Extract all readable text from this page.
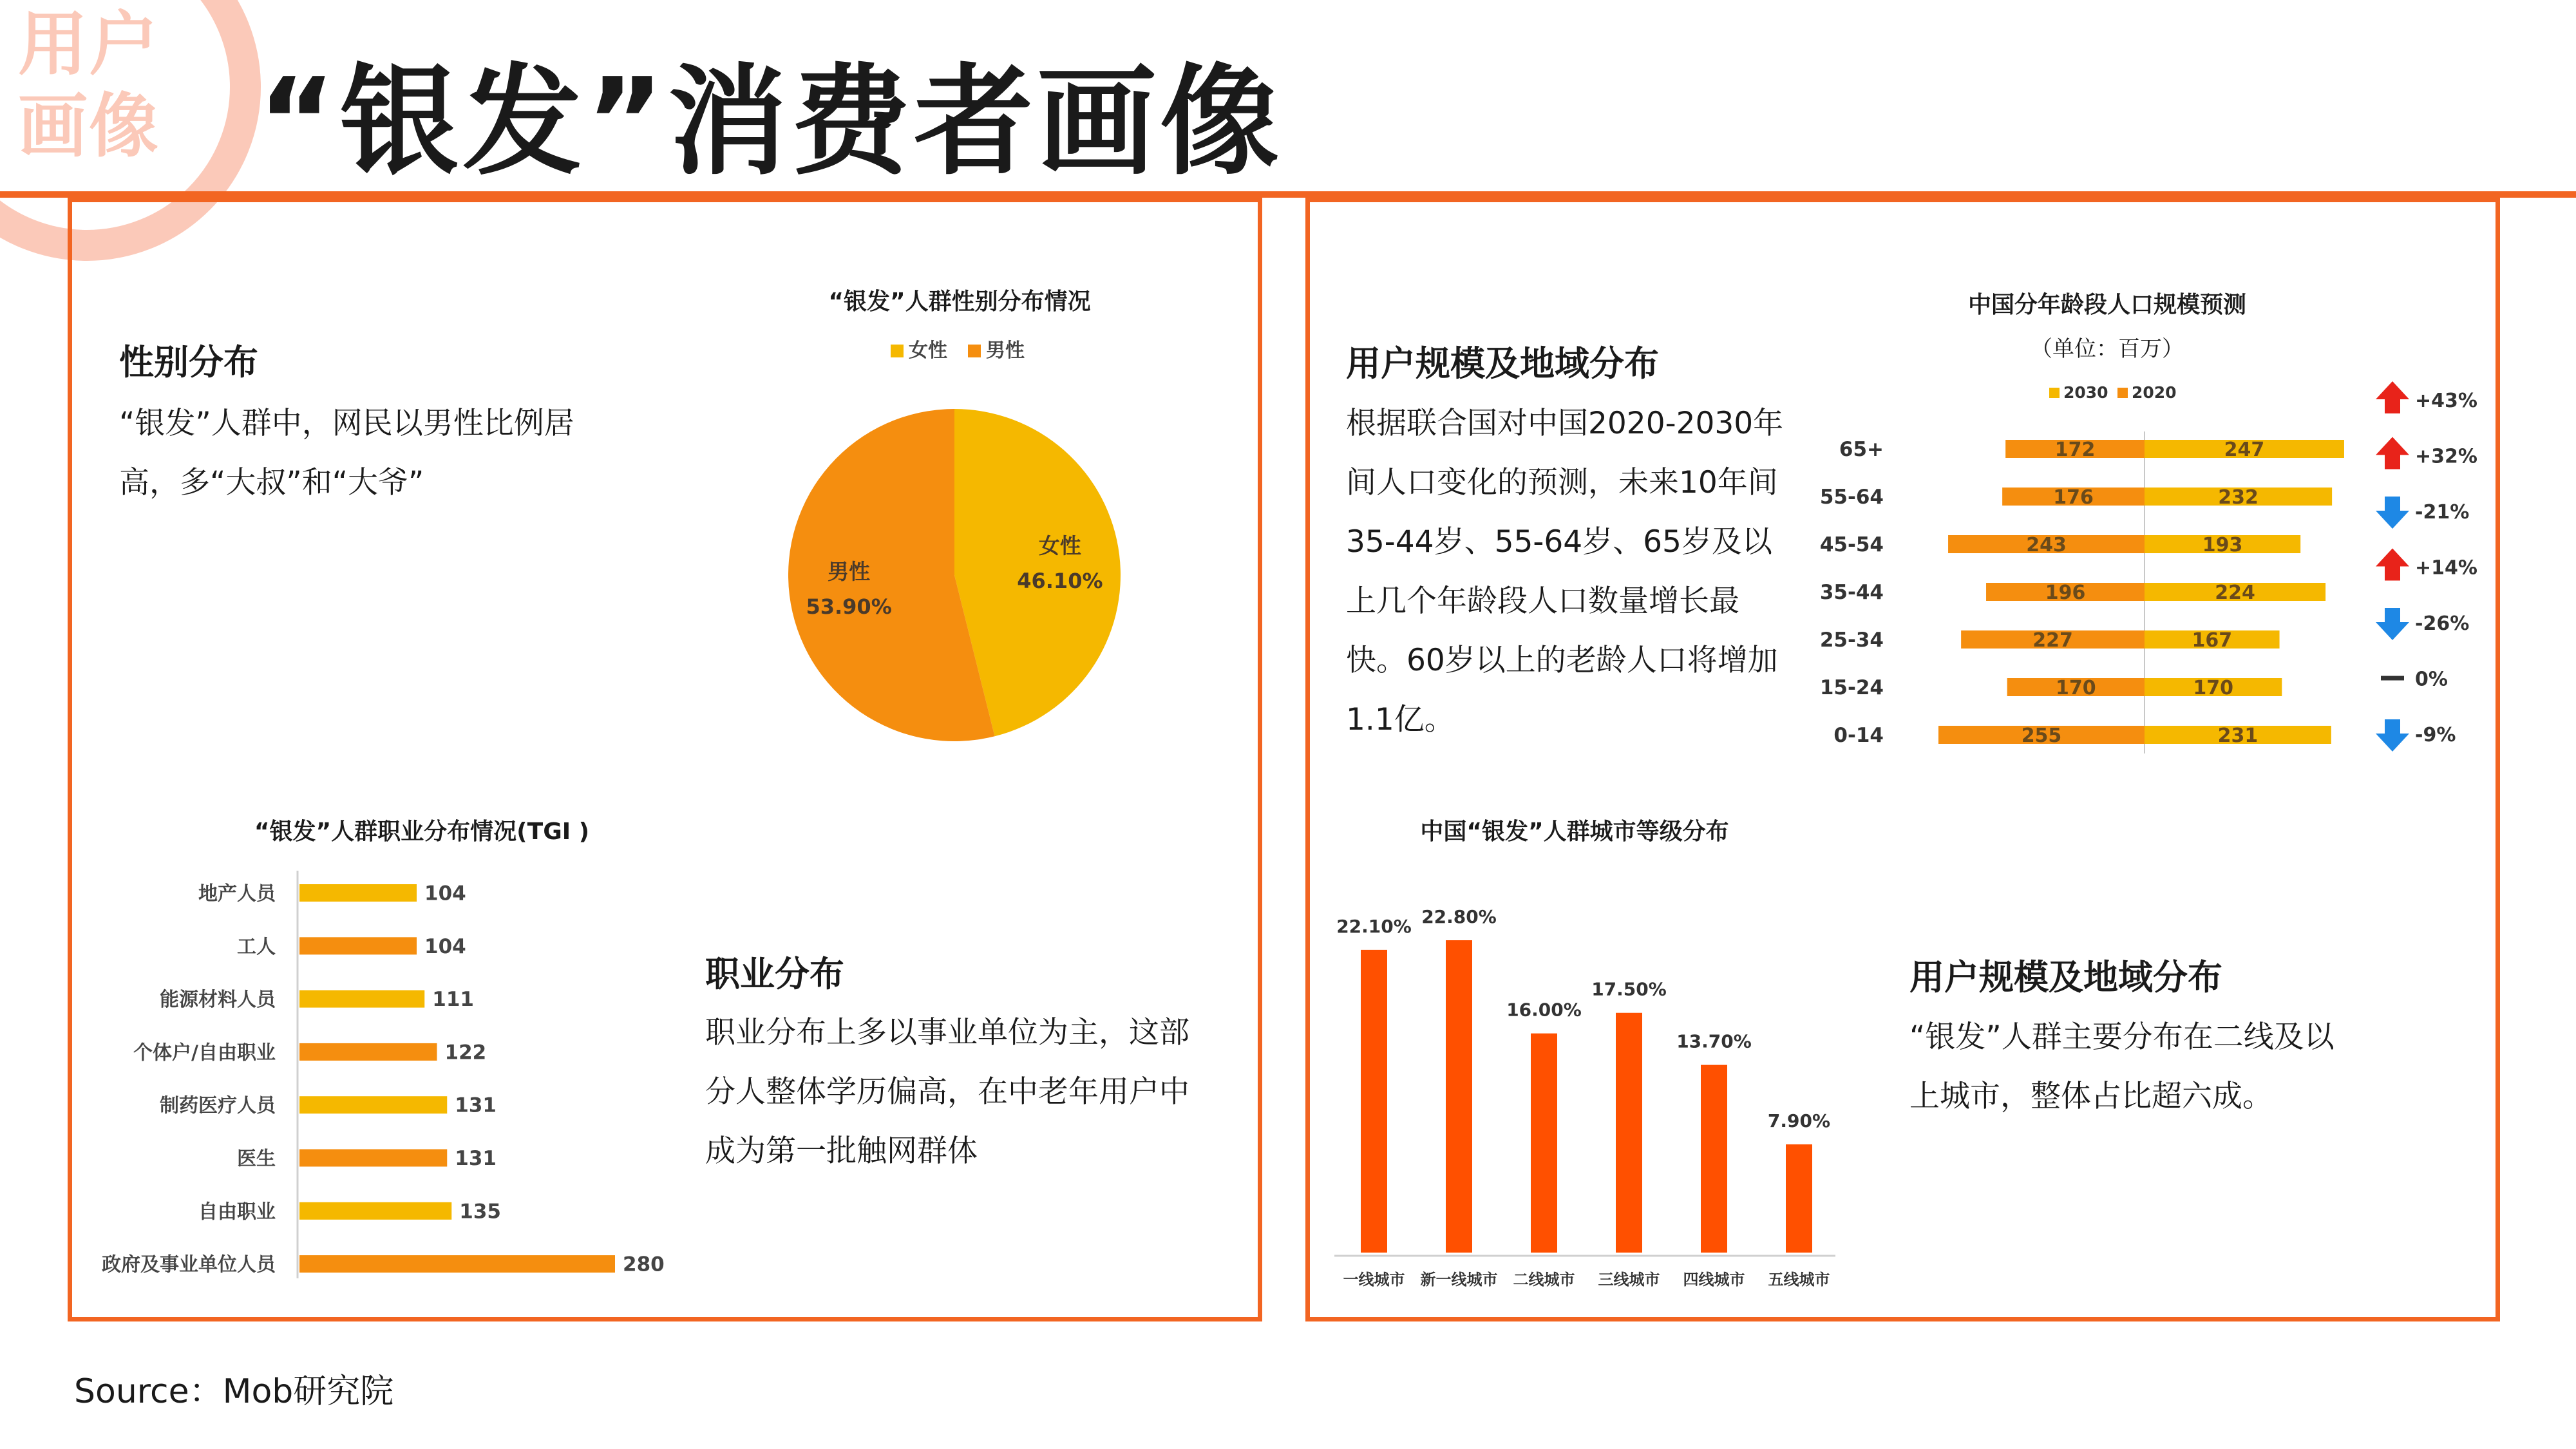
用户
画像 “银发”消费者画像
性别分布
“银发”人群中，网民以男性比例居
高，多“大叔”和“大爷”
职业分布
职业分布上多以事业单位为主，这部
分人整体学历偏高，在中老年用户中
成为第一批触网群体
用户规模及地域分布
根据联合国对中国2020-2030年
间人口变化的预测，未来10年间
35-44岁、55-64岁、65岁及以
上几个年龄段人口数量增长最
快。60岁以上的老龄人口将增加
1.1亿。
用户规模及地域分布
“银发”人群主要分布在二线及以
上城市，整体占比超六成。
Source：Mob研究院
“银发”人群性别分布情况
女性 男性
女性
46.10%
男性
53.90%
“银发”人群职业分布情况(TGI )
地产人员	104
工人	104
能源材料人员	111
个体户/自由职业	122
制药医疗人员	131
医生	131
自由职业	135
政府及事业单位人员	280
中国分年龄段人口规模预测
（单位：百万）
2030 2020
65+	172	247
55-64	176	232
45-54	243	193
35-44	196	224
25-34	227	167
15-24	170	170
0-14	255	231
+43%
+32%
-21%
+14%
-26%
0%
-9%
中国“银发”人群城市等级分布
22.10%
一线城市
22.80%
新一线城市
16.00%
二线城市
17.50%
三线城市
13.70%
四线城市
7.90%
五线城市
